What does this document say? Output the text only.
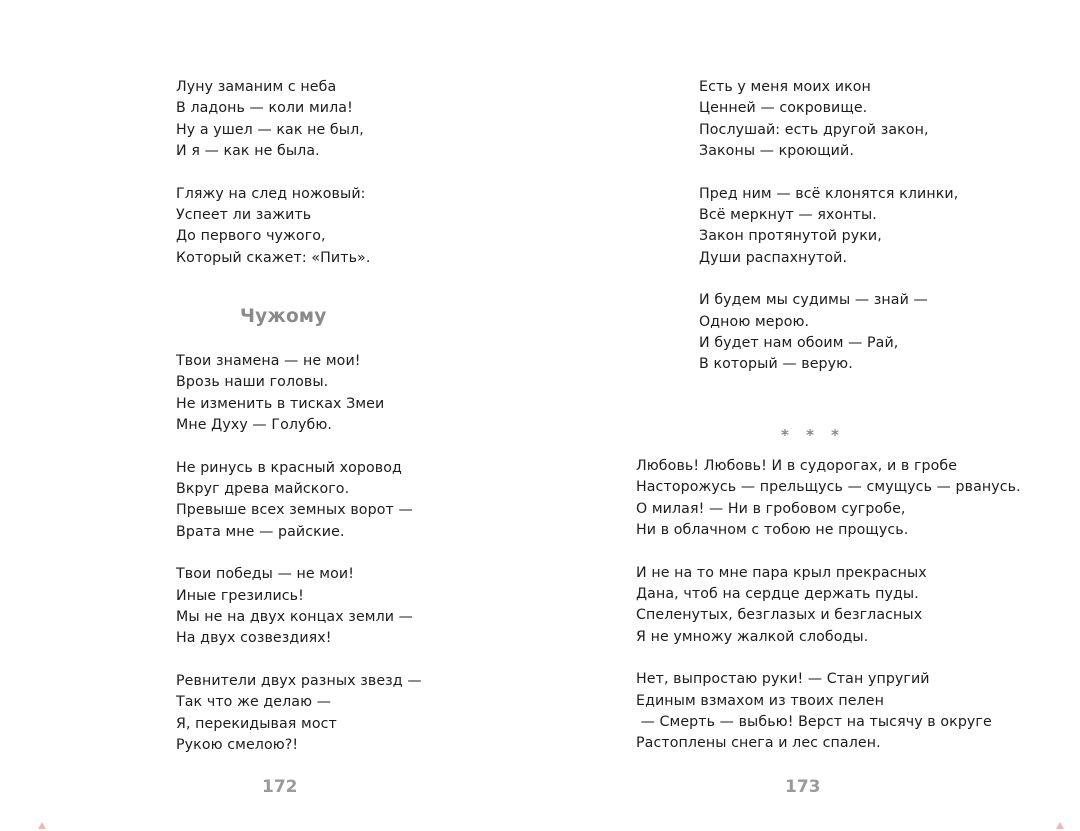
Луну заманим с неба
В ладонь — коли мила!
Ну а ушел — как не был,
И я — как не была.
Гляжу на след ножовый:
Успеет ли зажить
До первого чужого,
Который скажет: «Пить».
Чужому
Твои знамена — не мои!
Врозь наши головы.
Не изменить в тисках Змеи
Мне Духу — Голубю.
Не ринусь в красный хоровод
Вкруг древа майского.
Превыше всех земных ворот —
Врата мне — райские.
Твои победы — не мои!
Иные грезились!
Мы не на двух концах земли —
На двух созвездиях!
Ревнители двух разных звезд —
Так что же делаю —
Я, перекидывая мост
Рукою смелою?!
172
Есть у меня моих икон
Ценней — сокровище.
Послушай: есть другой закон,
Законы — кроющий.
Пред ним — всё клонятся клинки,
Всё меркнут — яхонты.
Закон протянутой руки,
Души распахнутой.
И будем мы судимы — знай —
Одною мерою.
И будет нам обоим — Рай,
В который — верую.
* * *
Любовь! Любовь! И в судорогах, и в гробе
Насторожусь — прельщусь — смущусь — рванусь.
О милая! — Ни в гробовом сугробе,
Ни в облачном с тобою не прощусь.
И не на то мне пара крыл прекрасных
Дана, чтоб на сердце держать пуды.
Спеленутых, безглазых и безгласных
Я не умножу жалкой слободы.
Нет, выпростаю руки! — Стан упругий
Единым взмахом из твоих пелен
— Смерть — выбью! Верст на тысячу в округе
Растоплены снега и лес спален.
173
